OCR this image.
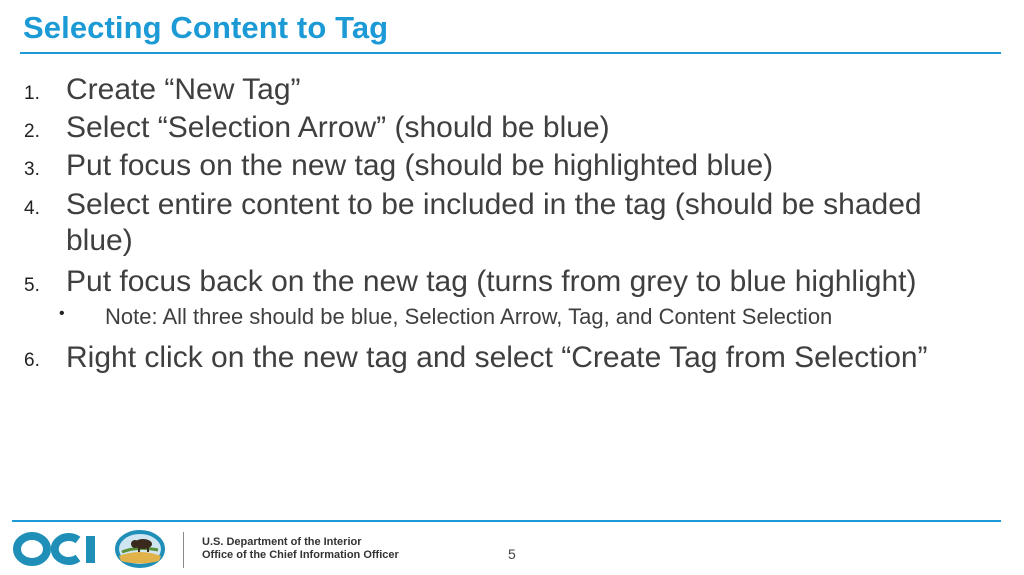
Selecting Content to Tag
1. Create “New Tag”
2. Select “Selection Arrow” (should be blue)
3. Put focus on the new tag (should be highlighted blue)
4. Select entire content to be included in the tag (should be shaded blue)
5. Put focus back on the new tag (turns from grey to blue highlight)
• Note: All three should be blue, Selection Arrow, Tag, and Content Selection
6. Right click on the new tag and select “Create Tag from Selection”
U.S. Department of the Interior
Office of the Chief Information Officer	5
